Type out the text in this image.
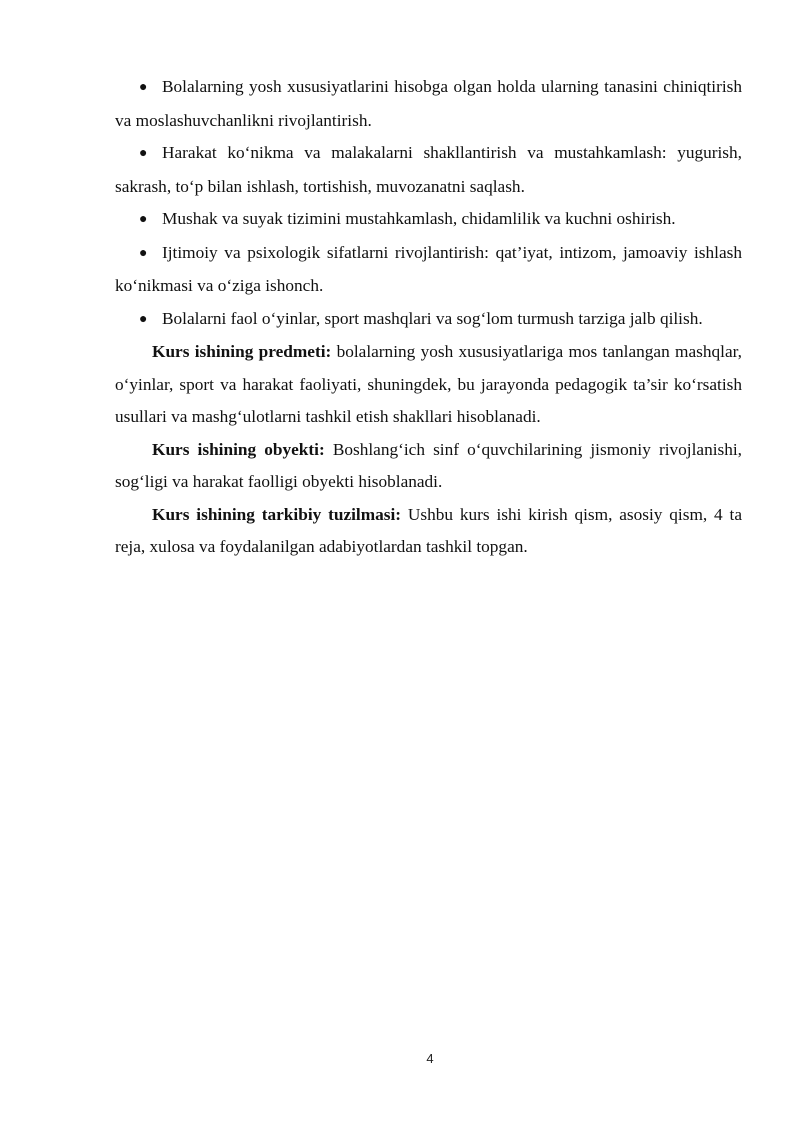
● Bolalarning yosh xususiyatlarini hisobga olgan holda ularning tanasini chiniqtirish va moslashuvchanlikni rivojlantirish.

● Harakat ko‘nikma va malakalarni shakllantirish va mustahkamlash: yugurish, sakrash, to‘p bilan ishlash, tortishish, muvozanatni saqlash.

● Mushak va suyak tizimini mustahkamlash, chidamlilik va kuchni oshirish.

● Ijtimoiy va psixologik sifatlarni rivojlantirish: qat’iyat, intizom, jamoaviy ishlash ko‘nikmasi va o‘ziga ishonch.

● Bolalarni faol o‘yinlar, sport mashqlari va sog‘lom turmush tarziga jalb qilish.

Kurs ishining predmeti: bolalarning yosh xususiyatlariga mos tanlangan mashqlar, o‘yinlar, sport va harakat faoliyati, shuningdek, bu jarayonda pedagogik ta’sir ko‘rsatish usullari va mashg‘ulotlarni tashkil etish shakllari hisoblanadi.

Kurs ishining obyekti: Boshlang‘ich sinf o‘quvchilarining jismoniy rivojlanishi, sog‘ligi va harakat faolligi obyekti hisoblanadi.

Kurs ishining tarkibiy tuzilmasi: Ushbu kurs ishi kirish qism, asosiy qism, 4 ta reja, xulosa va foydalanilgan adabiyotlardan tashkil topgan.

4
